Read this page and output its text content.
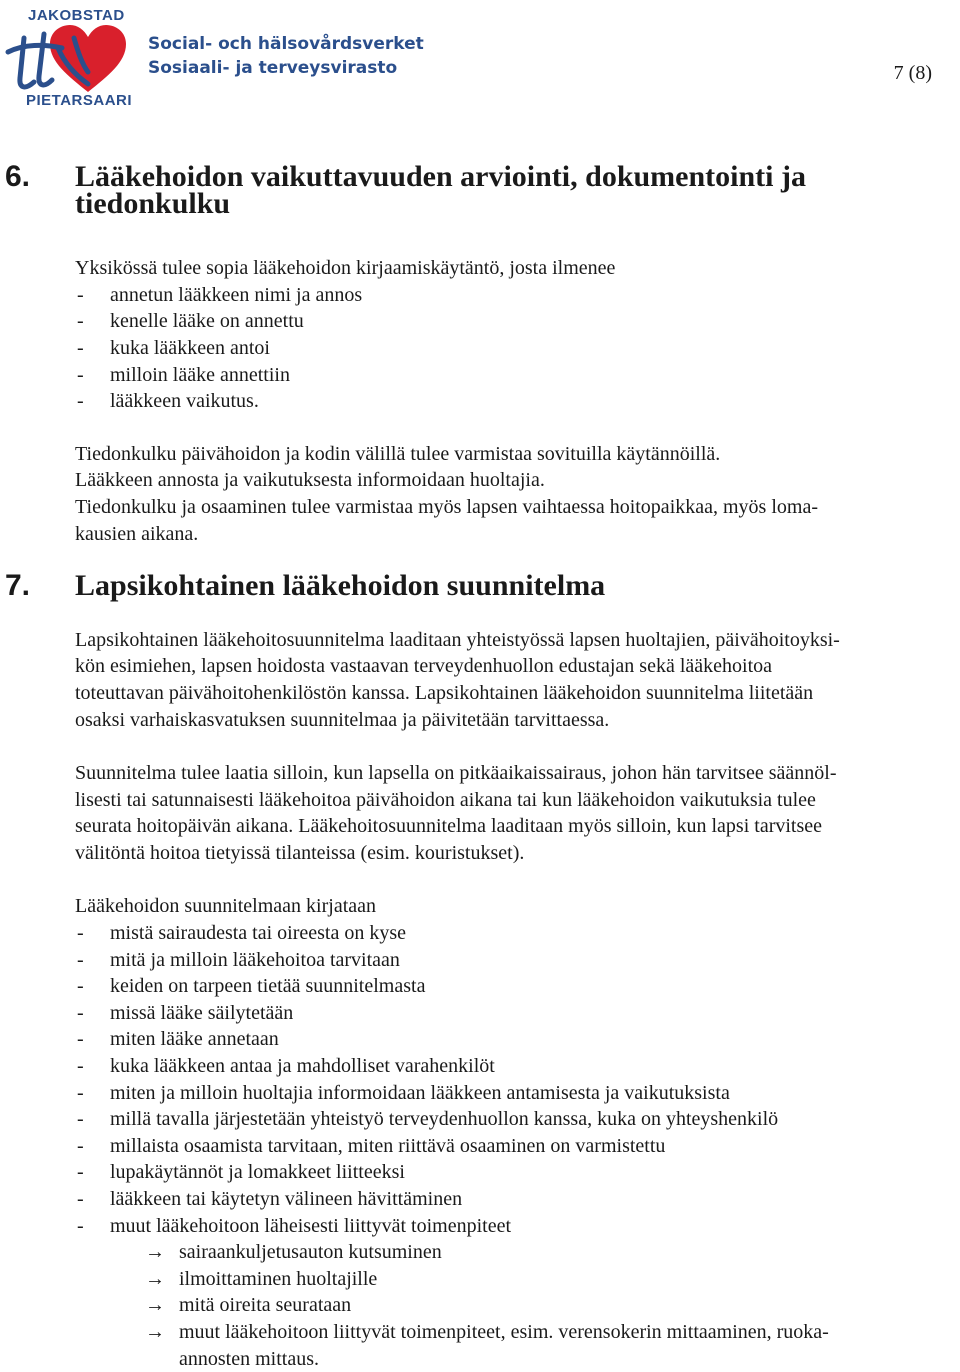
JAKOBSTAD
PIETARSAARI
Social- och hälsovårdsverket
Sosiaali- ja terveysvirasto	7 (8)
6. Lääkehoidon vaikuttavuuden arviointi, dokumentointi ja tiedonkulku

Yksikössä tulee sopia lääkehoidon kirjaamiskäytäntö, josta ilmenee

- annetun lääkkeen nimi ja annos
- kenelle lääke on annettu
- kuka lääkkeen antoi
- milloin lääke annettiin
- lääkkeen vaikutus.
Tiedonkulku päivähoidon ja kodin välillä tulee varmistaa sovituilla käytännöillä.
Lääkkeen annosta ja vaikutuksesta informoidaan huoltajia.
Tiedonkulku ja osaaminen tulee varmistaa myös lapsen vaihtaessa hoitopaikkaa, myös loma-
kausien aikana.
7. Lapsikohtainen lääkehoidon suunnitelma
Lapsikohtainen lääkehoitosuunnitelma laaditaan yhteistyössä lapsen huoltajien, päivähoitoyksi-
kön esimiehen, lapsen hoidosta vastaavan terveydenhuollon edustajan sekä lääkehoitoa
toteuttavan päivähoitohenkilöstön kanssa. Lapsikohtainen lääkehoidon suunnitelma liitetään
osaksi varhaiskasvatuksen suunnitelmaa ja päivitetään tarvittaessa.
Suunnitelma tulee laatia silloin, kun lapsella on pitkäaikaissairaus, johon hän tarvitsee säännöl-
lisesti tai satunnaisesti lääkehoitoa päivähoidon aikana tai kun lääkehoidon vaikutuksia tulee
seurata hoitopäivän aikana. Lääkehoitosuunnitelma laaditaan myös silloin, kun lapsi tarvitsee
välitöntä hoitoa tietyissä tilanteissa (esim. kouristukset).

Lääkehoidon suunnitelmaan kirjataan

- mistä sairaudesta tai oireesta on kyse
- mitä ja milloin lääkehoitoa tarvitaan
- keiden on tarpeen tietää suunnitelmasta
- missä lääke säilytetään
- miten lääke annetaan
- kuka lääkkeen antaa ja mahdolliset varahenkilöt
- miten ja milloin huoltajia informoidaan lääkkeen antamisesta ja vaikutuksista
- millä tavalla järjestetään yhteistyö terveydenhuollon kanssa, kuka on yhteyshenkilö
- millaista osaamista tarvitaan, miten riittävä osaaminen on varmistettu
- lupakäytännöt ja lomakkeet liitteeksi
- lääkkeen tai käytetyn välineen hävittäminen
- muut lääkehoitoon läheisesti liittyvät toimenpiteet
→ sairaankuljetusauton kutsuminen
→ ilmoittaminen huoltajille
→ mitä oireita seurataan
→ muut lääkehoitoon liittyvät toimenpiteet, esim. verensokerin mittaaminen, ruoka-
annosten mittaus.
